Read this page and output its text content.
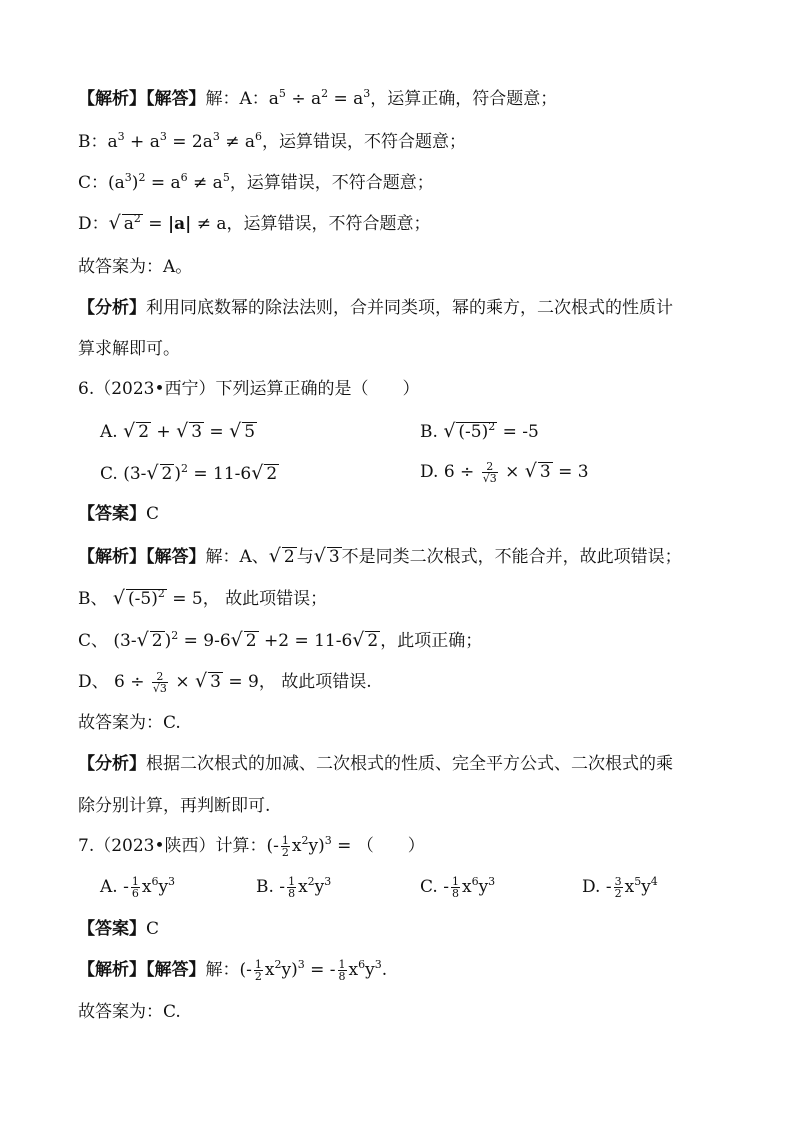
【解析】【解答】解：A：$a^5 \div a^2 = a^3$，运算正确，符合题意；
B：$a^3 + a^3 = 2a^3 \ne a^6$，运算错误，不符合题意；
C：$(a^3)^2 = a^6 \ne a^5$，运算错误，不符合题意；
D：√ $a^2 = |a| \ne a$，运算错误，不符合题意；
故答案为：A。
【分析】利用同底数幂的除法法则，合并同类项，幂的乘方，二次根式的性质计
算求解即可。
6.（2023•西宁）下列运算正确的是（　　）
A. √ 2 + √ 3 = √ 5	B. √ $(-5)^2 = -5$
C. (3-√ 2 )$^2$ = 11-6√ 2	D. $6 \div \frac{2}{√3}$ × √ 3 = 3
【答案】C
【解析】【解答】解：A、√ 2 与√ 3 不是同类二次根式，不能合并，故此项错误；
B、 √ $(-5)^2 = 5$， 故此项错误；
C、 (3-√ 2 )$^2$ = 9-6√ 2 +2 = 11-6√ 2 ，此项正确；
D、 $6 \div \frac{2}{√3}$ × √ 3 = 9， 故此项错误.
故答案为：C.
【分析】根据二次根式的加减、二次根式的性质、完全平方公式、二次根式的乘
除分别计算，再判断即可.
7.（2023•陕西）计算：(- $\frac{1}{2} x^2y)^3$ = （　　）
A. - $\frac{1}{6} x^6y^3$	B. - $\frac{1}{8} x^2y^3$	C. - $\frac{1}{8} x^6y^3$	D. - $\frac{3}{2} x^5y^4$
【答案】C
【解析】【解答】解：(- $\frac{1}{2} x^2y)^3$ = - $\frac{1}{8} x^6y^3$.
故答案为：C.
